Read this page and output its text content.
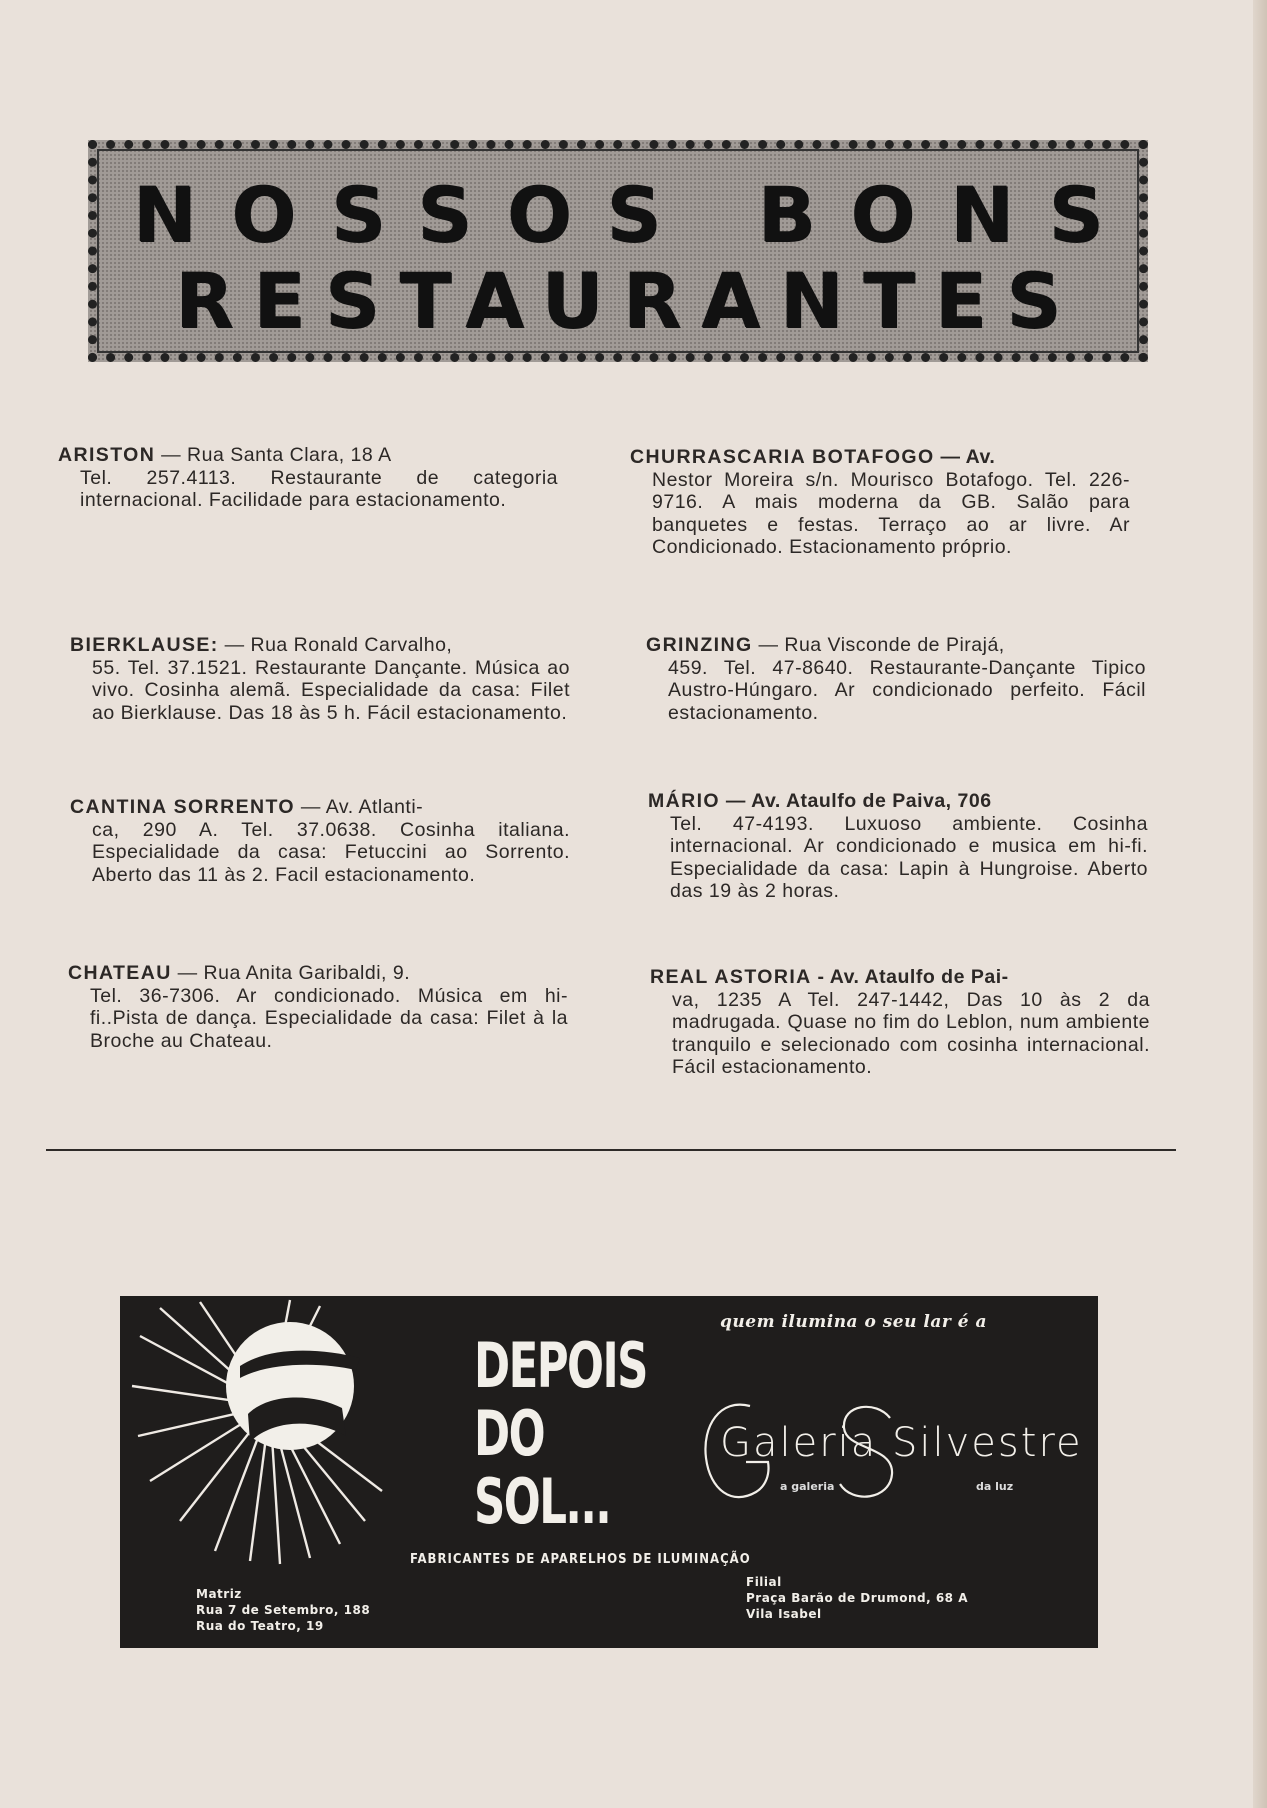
NOSSOS BONS
RESTAURANTES
ARISTON — Rua Santa Clara, 18 A
Tel. 257.4113. Restaurante de categoria internacional. Facilidade para estacionamento.
BIERKLAUSE: — Rua Ronald Carvalho,
55. Tel. 37.1521. Restaurante Dançante. Música ao vivo. Cosinha alemã. Especialidade da casa: Filet ao Bierklause. Das 18 às 5 h. Fácil estacionamento.
CANTINA SORRENTO — Av. Atlanti-
ca, 290 A. Tel. 37.0638. Cosinha italiana. Especialidade da casa: Fetuccini ao Sorrento. Aberto das 11 às 2. Facil estacionamento.
CHATEAU — Rua Anita Garibaldi, 9.
Tel. 36-7306. Ar condicionado. Música em hi-fi..Pista de dança. Especialidade da casa: Filet à la Broche au Chateau.
CHURRASCARIA BOTAFOGO — Av.
Nestor Moreira s/n. Mourisco Botafogo. Tel. 226-9716. A mais moderna da GB. Salão para banquetes e festas. Terraço ao ar livre. Ar Condicionado. Estacionamento próprio.
GRINZING — Rua Visconde de Pirajá,
459. Tel. 47-8640. Restaurante-Dançante Tipico Austro-Húngaro. Ar condicionado perfeito. Fácil estacionamento.
MÁRIO — Av. Ataulfo de Paiva, 706
Tel. 47-4193. Luxuoso ambiente. Cosinha internacional. Ar condicionado e musica em hi-fi. Especialidade da casa: Lapin à Hungroise. Aberto das 19 às 2 horas.
REAL ASTORIA - Av. Ataulfo de Pai-
va, 1235 A Tel. 247-1442, Das 10 às 2 da madrugada. Quase no fim do Leblon, num ambiente tranquilo e selecionado com cosinha internacional. Fácil estacionamento.
DEPOIS
DO
SOL...
quem ilumina o seu lar é a
Galeria Silvestre
a galeria	da luz
FABRICANTES DE APARELHOS DE ILUMINAÇÃO
Matriz
Rua 7 de Setembro, 188
Rua do Teatro, 19
Filial
Praça Barão de Drumond, 68 A
Vila Isabel
